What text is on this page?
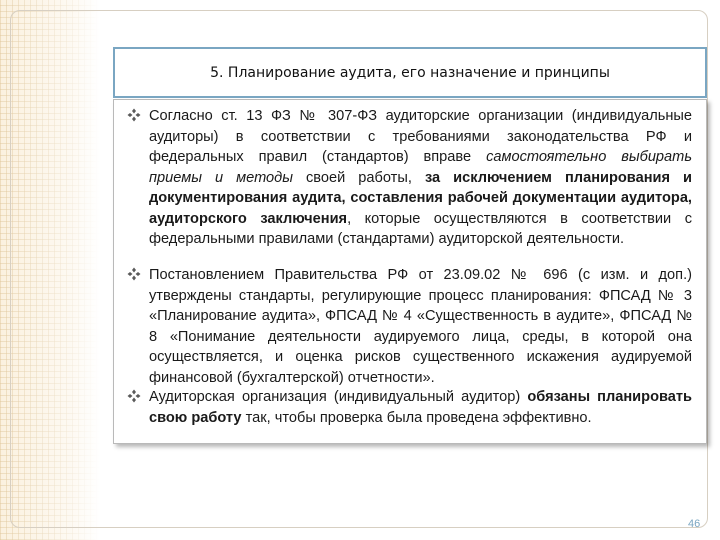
5. Планирование аудита, его назначение и принципы
Согласно ст. 13 ФЗ № 307-ФЗ аудиторские организации (индивидуальные аудиторы) в соответствии с требованиями законодательства РФ и федеральных правил (стандартов) вправе самостоятельно выбирать приемы и методы своей работы, за исключением планирования и документирования аудита, составления рабочей документации аудитора, аудиторского заключения, которые осуществляются в соответствии с федеральными правилами (стандартами) аудиторской деятельности.
Постановлением Правительства РФ от 23.09.02 № 696 (с изм. и доп.) утверждены стандарты, регулирующие процесс планирования: ФПСАД № 3 «Планирование аудита», ФПСАД № 4 «Существенность в аудите», ФПСАД № 8 «Понимание деятельности аудируемого лица, среды, в которой она осуществляется, и оценка рисков существенного искажения аудируемой финансовой (бухгалтерской) отчетности».
Аудиторская организация (индивидуальный аудитор) обязаны планировать свою работу так, чтобы проверка была проведена эффективно.
46
